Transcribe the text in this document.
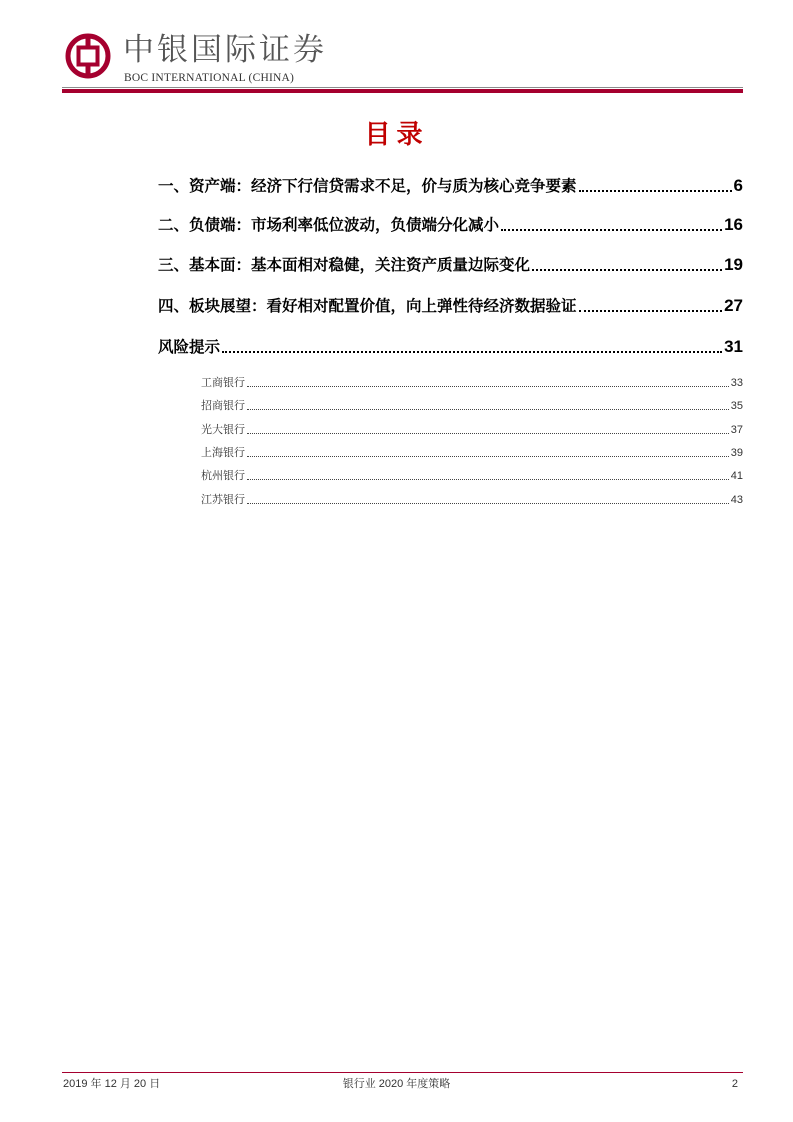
中银国际证券
BOC INTERNATIONAL (CHINA)
目录
一、资产端：经济下行信贷需求不足，价与质为核心竞争要素	6
二、负债端：市场利率低位波动，负债端分化减小	16
三、基本面：基本面相对稳健，关注资产质量边际变化	19
四、板块展望：看好相对配置价值，向上弹性待经济数据验证	27
风险提示	31
工商银行	33
招商银行	35
光大银行	37
上海银行	39
杭州银行	41
江苏银行	43
2019 年 12 月 20 日	银行业 2020 年度策略	2
